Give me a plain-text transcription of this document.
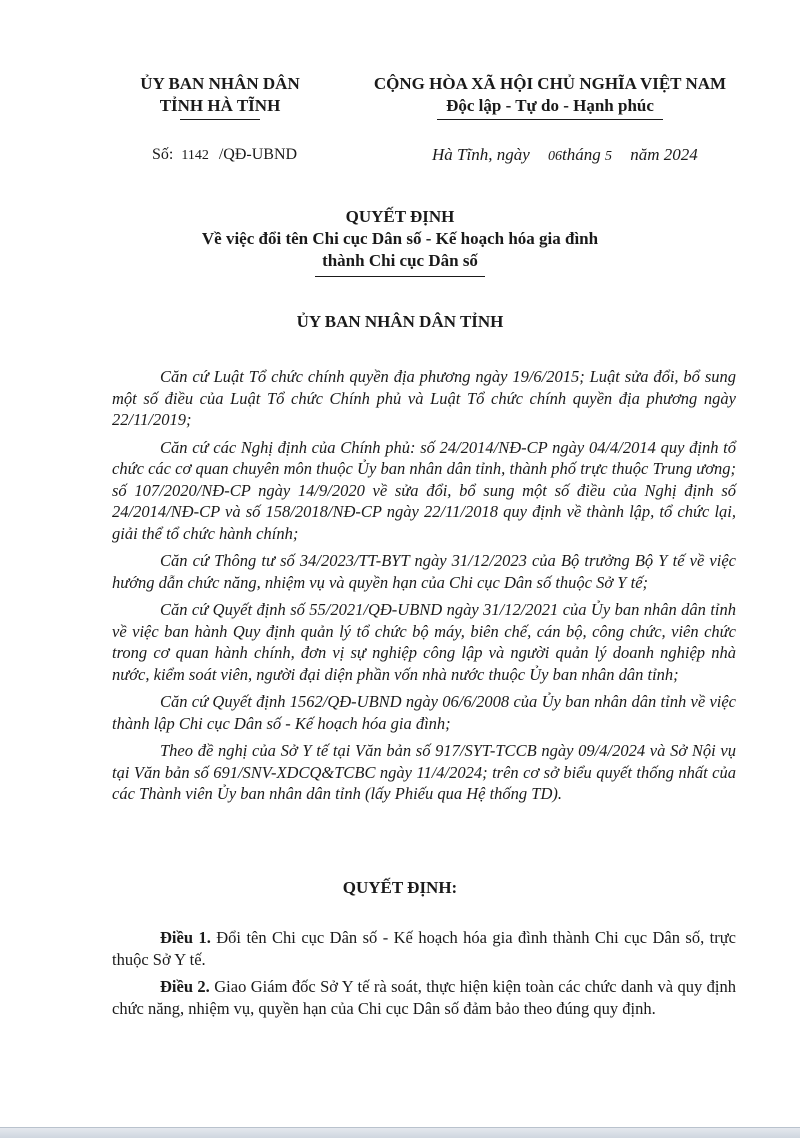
ỦY BAN NHÂN DÂN
TỈNH HÀ TĨNH
CỘNG HÒA XÃ HỘI CHỦ NGHĨA VIỆT NAM
Độc lập - Tự do - Hạnh phúc
Số: 1142 /QĐ-UBND	Hà Tĩnh, ngày 06tháng 5 năm 2024
QUYẾT ĐỊNH
Về việc đổi tên Chi cục Dân số - Kế hoạch hóa gia đình
thành Chi cục Dân số
ỦY BAN NHÂN DÂN TỈNH

Căn cứ Luật Tổ chức chính quyền địa phương ngày 19/6/2015; Luật sửa đổi, bổ sung một số điều của Luật Tổ chức Chính phủ và Luật Tổ chức chính quyền địa phương ngày 22/11/2019;

Căn cứ các Nghị định của Chính phủ: số 24/2014/NĐ-CP ngày 04/4/2014 quy định tổ chức các cơ quan chuyên môn thuộc Ủy ban nhân dân tỉnh, thành phố trực thuộc Trung ương; số 107/2020/NĐ-CP ngày 14/9/2020 về sửa đổi, bổ sung một số điều của Nghị định số 24/2014/NĐ-CP và số 158/2018/NĐ-CP ngày 22/11/2018 quy định về thành lập, tổ chức lại, giải thể tổ chức hành chính;

Căn cứ Thông tư số 34/2023/TT-BYT ngày 31/12/2023 của Bộ trưởng Bộ Y tế về việc hướng dẫn chức năng, nhiệm vụ và quyền hạn của Chi cục Dân số thuộc Sở Y tế;

Căn cứ Quyết định số 55/2021/QĐ-UBND ngày 31/12/2021 của Ủy ban nhân dân tỉnh về việc ban hành Quy định quản lý tổ chức bộ máy, biên chế, cán bộ, công chức, viên chức trong cơ quan hành chính, đơn vị sự nghiệp công lập và người quản lý doanh nghiệp nhà nước, kiểm soát viên, người đại diện phần vốn nhà nước thuộc Ủy ban nhân dân tỉnh;

Căn cứ Quyết định 1562/QĐ-UBND ngày 06/6/2008 của Ủy ban nhân dân tỉnh về việc thành lập Chi cục Dân số - Kế hoạch hóa gia đình;

Theo đề nghị của Sở Y tế tại Văn bản số 917/SYT-TCCB ngày 09/4/2024 và Sở Nội vụ tại Văn bản số 691/SNV-XDCQ&TCBC ngày 11/4/2024; trên cơ sở biểu quyết thống nhất của các Thành viên Ủy ban nhân dân tỉnh (lấy Phiếu qua Hệ thống TD).

QUYẾT ĐỊNH:

Điều 1. Đổi tên Chi cục Dân số - Kế hoạch hóa gia đình thành Chi cục Dân số, trực thuộc Sở Y tế.

Điều 2. Giao Giám đốc Sở Y tế rà soát, thực hiện kiện toàn các chức danh và quy định chức năng, nhiệm vụ, quyền hạn của Chi cục Dân số đảm bảo theo đúng quy định.
